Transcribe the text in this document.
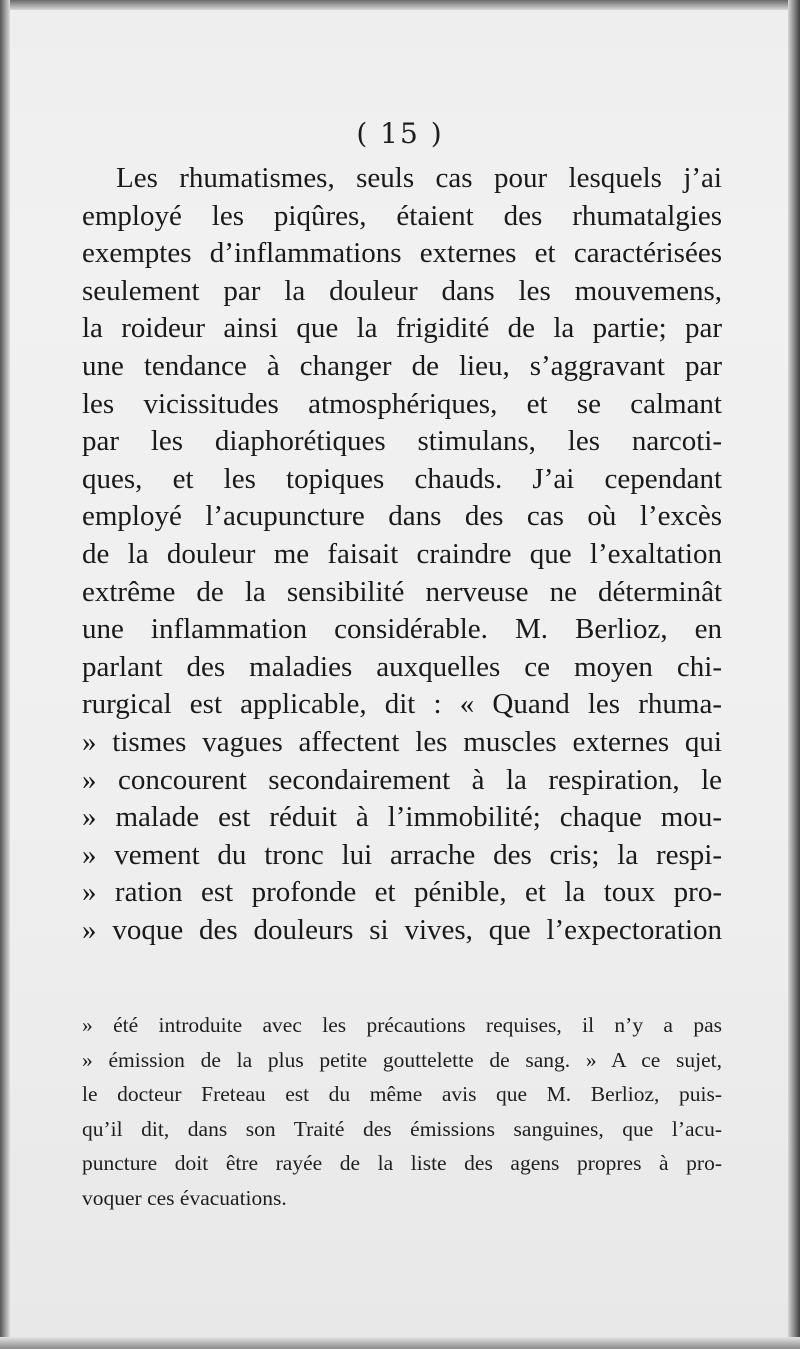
( 15 )
Les rhumatismes, seuls cas pour lesquels j’ai
employé les piqûres, étaient des rhumatalgies
exemptes d’inflammations externes et caractérisées
seulement par la douleur dans les mouvemens,
la roideur ainsi que la frigidité de la partie; par
une tendance à changer de lieu, s’aggravant par
les vicissitudes atmosphériques, et se calmant
par les diaphorétiques stimulans, les narcoti-
ques, et les topiques chauds. J’ai cependant
employé l’acupuncture dans des cas où l’excès
de la douleur me faisait craindre que l’exaltation
extrême de la sensibilité nerveuse ne déterminât
une inflammation considérable. M. Berlioz, en
parlant des maladies auxquelles ce moyen chi-
rurgical est applicable, dit : « Quand les rhuma-
» tismes vagues affectent les muscles externes qui
» concourent secondairement à la respiration, le
» malade est réduit à l’immobilité; chaque mou-
» vement du tronc lui arrache des cris; la respi-
» ration est profonde et pénible, et la toux pro-
» voque des douleurs si vives, que l’expectoration
» été introduite avec les précautions requises, il n’y a pas
» émission de la plus petite gouttelette de sang. » A ce sujet,
le docteur Freteau est du même avis que M. Berlioz, puis-
qu’il dit, dans son Traité des émissions sanguines, que l’acu-
puncture doit être rayée de la liste des agens propres à pro-
voquer ces évacuations.
